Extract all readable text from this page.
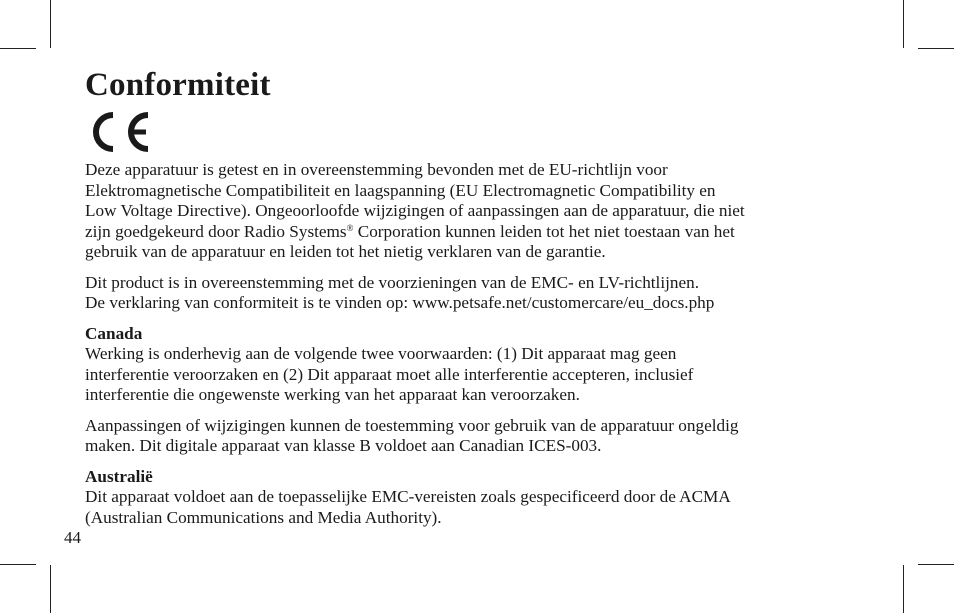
Conformiteit

Deze apparatuur is getest en in overeenstemming bevonden met de EU-richtlijn voor
Elektromagnetische Compatibiliteit en laagspanning (EU Electromagnetic Compatibility en
Low Voltage Directive). Ongeoorloofde wijzigingen of aanpassingen aan de apparatuur, die niet
zijn goedgekeurd door Radio Systems® Corporation kunnen leiden tot het niet toestaan van het
gebruik van de apparatuur en leiden tot het nietig verklaren van de garantie.

Dit product is in overeenstemming met de voorzieningen van de EMC- en LV-richtlijnen.
De verklaring van conformiteit is te vinden op: www.petsafe.net/customercare/eu_docs.php

Canada
Werking is onderhevig aan de volgende twee voorwaarden: (1) Dit apparaat mag geen
interferentie veroorzaken en (2) Dit apparaat moet alle interferentie accepteren, inclusief
interferentie die ongewenste werking van het apparaat kan veroorzaken.

Aanpassingen of wijzigingen kunnen de toestemming voor gebruik van de apparatuur ongeldig
maken. Dit digitale apparaat van klasse B voldoet aan Canadian ICES-003.

Australië
Dit apparaat voldoet aan de toepasselijke EMC-vereisten zoals gespecificeerd door de ACMA
(Australian Communications and Media Authority).

44
